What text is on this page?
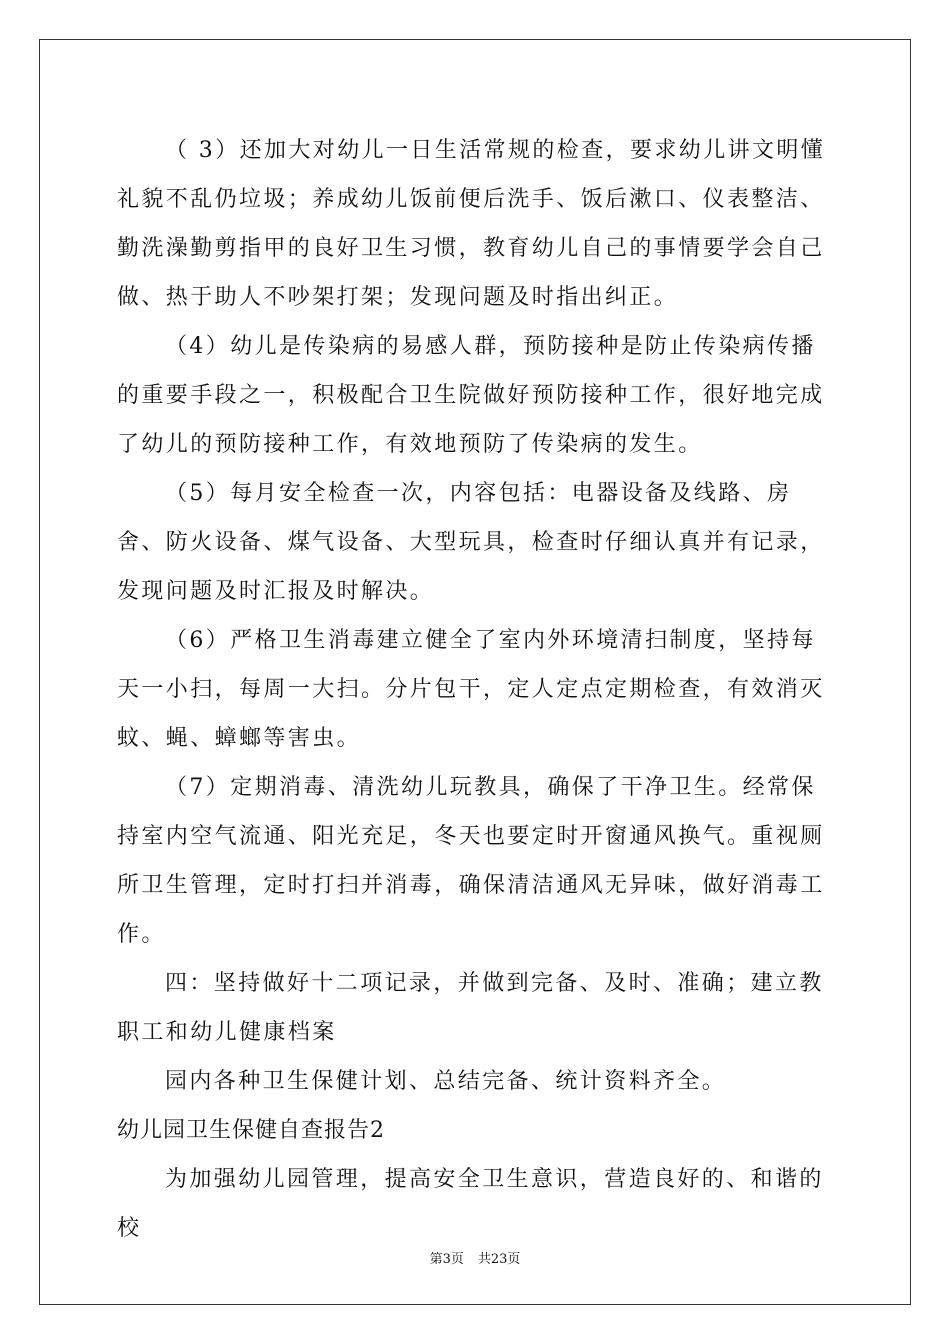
（ 3）还加大对幼儿一日生活常规的检查，要求幼儿讲文明懂礼貌不乱仍垃圾；养成幼儿饭前便后洗手、饭后漱口、仪表整洁、勤洗澡勤剪指甲的良好卫生习惯，教育幼儿自己的事情要学会自己做、热于助人不吵架打架；发现问题及时指出纠正。

（4）幼儿是传染病的易感人群，预防接种是防止传染病传播的重要手段之一，积极配合卫生院做好预防接种工作，很好地完成了幼儿的预防接种工作，有效地预防了传染病的发生。

（5）每月安全检查一次，内容包括：电器设备及线路、房舍、防火设备、煤气设备、大型玩具，检查时仔细认真并有记录，发现问题及时汇报及时解决。

（6）严格卫生消毒建立健全了室内外环境清扫制度，坚持每天一小扫，每周一大扫。分片包干，定人定点定期检查，有效消灭蚊、蝇、蟑螂等害虫。

（7）定期消毒、清洗幼儿玩教具，确保了干净卫生。经常保持室内空气流通、阳光充足，冬天也要定时开窗通风换气。重视厕所卫生管理，定时打扫并消毒，确保清洁通风无异味，做好消毒工作。

四：坚持做好十二项记录，并做到完备、及时、准确；建立教职工和幼儿健康档案

园内各种卫生保健计划、总结完备、统计资料齐全。

幼儿园卫生保健自查报告2

为加强幼儿园管理，提高安全卫生意识，营造良好的、和谐的校

第3页 共23页
